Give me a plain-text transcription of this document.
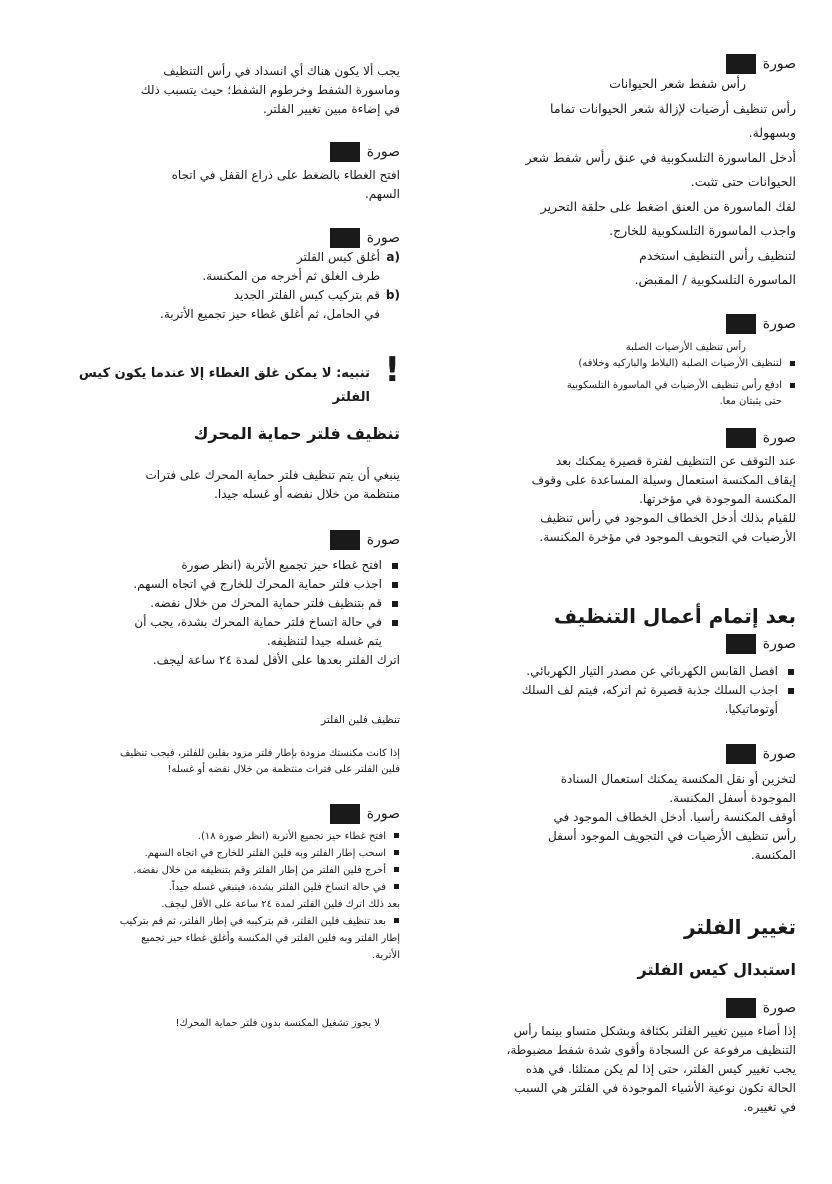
صورة
رأس شفط شعر الحيوانات
رأس تنظيف أرضيات لإزالة شعر الحيوانات تماما
وبسهولة.
أدخل الماسورة التلسكوبية في عنق رأس شفط شعر
الحيوانات حتى تثبت.
لفك الماسورة من العنق اضغط على حلقة التحرير
واجذب الماسورة التلسكوبية للخارج.
لتنظيف رأس التنظيف استخدم
الماسورة التلسكوبية / المقبض.
صورة
رأس تنظيف الأرضيات الصلبة
لتنظيف الأرضيات الصلبة (البلاط والباركيه وخلافه)
ادفع رأس تنظيف الأرضيات في الماسورة التلسكوبية
حتى يثبتان معا.
صورة
عند التوقف عن التنظيف لفترة قصيرة يمكنك بعد
إيقاف المكنسة استعمال وسيلة المساعدة على وقوف
المكنسة الموجودة في مؤخرتها.
للقيام بذلك أدخل الخطاف الموجود في رأس تنظيف
الأرضيات في التجويف الموجود في مؤخرة المكنسة.
بعد إتمام أعمال التنظيف
صورة
افصل القابس الكهربائي عن مصدر التيار الكهربائي.
اجذب السلك جذبة قصيرة ثم اتركه، فيتم لف السلك
أوتوماتيكيا.
صورة
لتخزين أو نقل المكنسة يمكنك استعمال السنادة
الموجودة أسفل المكنسة.
أوقف المكنسة رأسيا. أدخل الخطاف الموجود في
رأس تنظيف الأرضيات في التجويف الموجود أسفل
المكنسة.
تغيير الفلتر
استبدال كيس الفلتر
صورة
إذا أضاء مبين تغيير الفلتر بكثافة وبشكل متساو بينما رأس
التنظيف مرفوعة عن السجادة وأقوى شدة شفط مضبوطة،
يجب تغيير كيس الفلتر، حتى إذا لم يكن ممتلئا. في هذه
الحالة تكون نوعية الأشياء الموجودة في الفلتر هي السبب
في تغييره.
يجب ألا يكون هناك أي انسداد في رأس التنظيف
وماسورة الشفط وخرطوم الشفط؛ حيث يتسبب ذلك
في إضاءة مبين تغيير الفلتر.
صورة
افتح الغطاء بالضغط على ذراع القفل في اتجاه
السهم.
صورة
a)
أغلق كيس الفلتر
طرف الغلق ثم أخرجه من المكنسة.
b)
قم بتركيب كيس الفلتر الجديد
في الحامل، ثم أغلق غطاء حيز تجميع الأتربة.
!
تنبيه: لا يمكن غلق الغطاء إلا عندما يكون كيس
الفلتر
تنظيف فلتر حماية المحرك
ينبغي أن يتم تنظيف فلتر حماية المحرك على فترات
منتظمة من خلال نفضه أو غسله جيدا.
صورة
افتح غطاء حيز تجميع الأتربة (انظر صورة
اجذب فلتر حماية المحرك للخارج في اتجاه السهم.
قم بتنظيف فلتر حماية المحرك من خلال نفضه.
في حالة اتساخ فلتر حماية المحرك بشدة، يجب أن
يتم غسله جيدا لتنظيفه.
اترك الفلتر بعدها على الأقل لمدة ٢٤ ساعة ليجف.
تنظيف فلين الفلتر
إذا كانت مكنستك مزودة بإطار فلتر مزود بفلين للفلتر، فيجب تنظيف
فلين الفلتر على فترات منتظمة من خلال نفضه أو غسله!
صورة
افتح غطاء حيز تجميع الأتربة (انظر صورة ١٨).
اسحب إطار الفلتر وبه فلين الفلتر للخارج في اتجاه السهم.
أخرج فلين الفلتر من إطار الفلتر وقم بتنظيفه من خلال نفضه.
في حالة اتساخ فلين الفلتر بشدة، فينبغي غسله جيداً.
بعد ذلك اترك فلين الفلتر لمدة ٢٤ ساعة على الأقل ليجف.
بعد تنظيف فلين الفلتر، قم بتركيبه في إطار الفلتر، ثم قم بتركيب
إطار الفلتر وبه فلين الفلتر في المكنسة وأغلق غطاء حيز تجميع
الأتربة.
لا يجوز تشغيل المكنسة بدون فلتر حماية المحرك!
